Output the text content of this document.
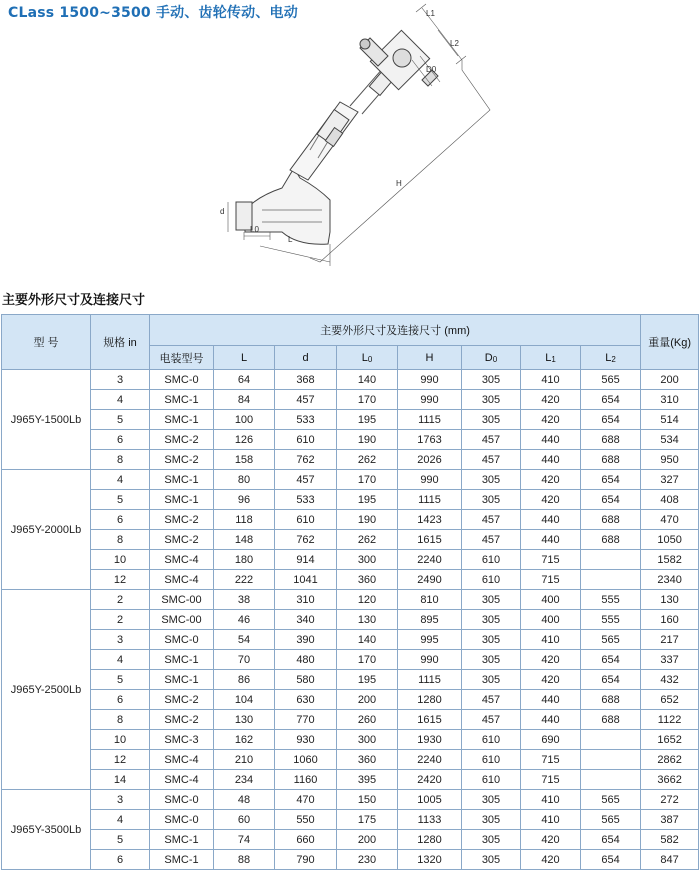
CLass 1500~3500 手动、齿轮传动、电动	L1
L2
D0
H
d
L0
L
主要外形尺寸及连接尺寸
型 号	规格 in	主要外形尺寸及连接尺寸 (mm)								重量(Kg)
		电装型号	L	d	$L_0$	H	$D_0$	$L_1$	$L_2$
J965Y-1500Lb	3	SMC-0	64	368	140	990	305	410	565	200
	4	SMC-1	84	457	170	990	305	420	654	310
	5	SMC-1	100	533	195	1115	305	420	654	514
	6	SMC-2	126	610	190	1763	457	440	688	534
	8	SMC-2	158	762	262	2026	457	440	688	950
J965Y-2000Lb	4	SMC-1	80	457	170	990	305	420	654	327
	5	SMC-1	96	533	195	1115	305	420	654	408
	6	SMC-2	118	610	190	1423	457	440	688	470
	8	SMC-2	148	762	262	1615	457	440	688	1050
	10	SMC-4	180	914	300	2240	610	715		1582
	12	SMC-4	222	1041	360	2490	610	715		2340
J965Y-2500Lb	2	SMC-00	38	310	120	810	305	400	555	130
	2	SMC-00	46	340	130	895	305	400	555	160
	3	SMC-0	54	390	140	995	305	410	565	217
	4	SMC-1	70	480	170	990	305	420	654	337
	5	SMC-1	86	580	195	1115	305	420	654	432
	6	SMC-2	104	630	200	1280	457	440	688	652
	8	SMC-2	130	770	260	1615	457	440	688	1122
	10	SMC-3	162	930	300	1930	610	690		1652
	12	SMC-4	210	1060	360	2240	610	715		2862
	14	SMC-4	234	1160	395	2420	610	715		3662
J965Y-3500Lb	3	SMC-0	48	470	150	1005	305	410	565	272
	4	SMC-0	60	550	175	1133	305	410	565	387
	5	SMC-1	74	660	200	1280	305	420	654	582
	6	SMC-1	88	790	230	1320	305	420	654	847
